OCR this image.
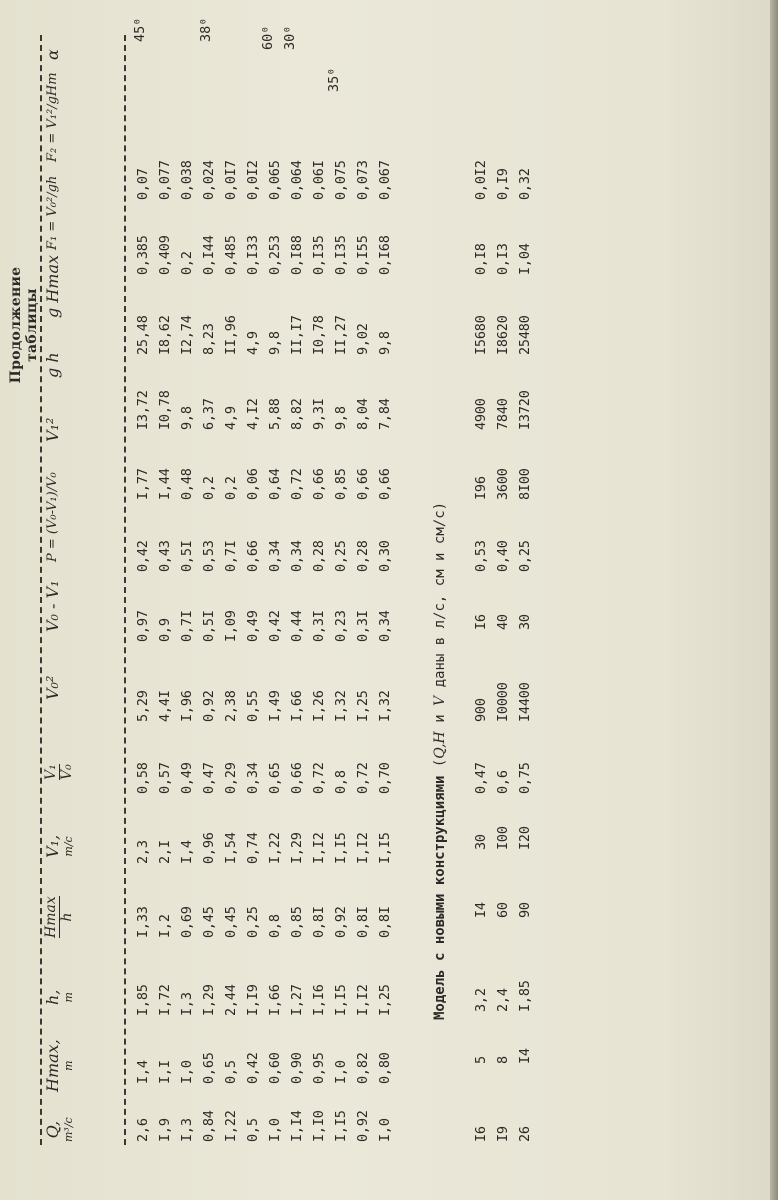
Продолжение таблицы
Q, m³/c
Hmax, m
h, m
Hmax h
V₁, m/c
V₁ V₀
V₀²
V₀ - V₁
P = (V₀-V₁)/V₀
V₁²
g h
g Hmax
F₁ = V₀²/gh
F₂ = V₁²/gHm
α
2,6
I,4
I,85
I,33
2,3
0,58
5,29
0,97
0,42
I,77
I3,72
25,48
0,385
0,07
I,9
I,I
I,72
I,2
2,I
0,57
4,4I
0,9
0,43
I,44
I0,78
I8,62
0,409
0,077
I,3
I,0
I,3
0,69
I,4
0,49
I,96
0,7I
0,5I
0,48
9,8
I2,74
0,2
0,038
0,84
0,65
I,29
0,45
0,96
0,47
0,92
0,5I
0,53
0,2
6,37
8,23
0,I44
0,024
I,22
0,5
2,44
0,45
I,54
0,29
2,38
I,09
0,7I
0,2
4,9
II,96
0,485
0,0I7
0,5
0,42
I,I9
0,25
0,74
0,34
0,55
0,49
0,66
0,06
4,I2
4,9
0,I33
0,0I2
I,0
0,60
I,66
0,8
I,22
0,65
I,49
0,42
0,34
0,64
5,88
9,8
0,253
0,065
I,I4
0,90
I,27
0,85
I,29
0,66
I,66
0,44
0,34
0,72
8,82
II,I7
0,I88
0,064
I,I0
0,95
I,I6
0,8I
I,I2
0,72
I,26
0,3I
0,28
0,66
9,3I
I0,78
0,I35
0,06I
I,I5
I,0
I,I5
0,92
I,I5
0,8
I,32
0,23
0,25
0,85
9,8
II,27
0,I35
0,075
0,92
0,82
I,I2
0,8I
I,I2
0,72
I,25
0,3I
0,28
0,66
8,04
9,02
0,I55
0,073
I,0
0,80
I,25
0,8I
I,I5
0,70
I,32
0,34
0,30
0,66
7,84
9,8
0,I68
0,067
45⁰	38⁰	60⁰ 30⁰
35⁰
Модель с новыми конструкциями (Q,H и V даны в л/с, см и см/с)
I6
5
3,2
I4
30
0,47
900
I6
0,53
I96
4900
I5680
0,I8
0,0I2
I9
8
2,4
60
I00
0,6
I0000
40
0,40
3600
7840
I8620
0,I3
0,I9
26
I4
I,85
90
I20
0,75
I4400
30
0,25
8I00
I3720
25480
I,04
0,32
